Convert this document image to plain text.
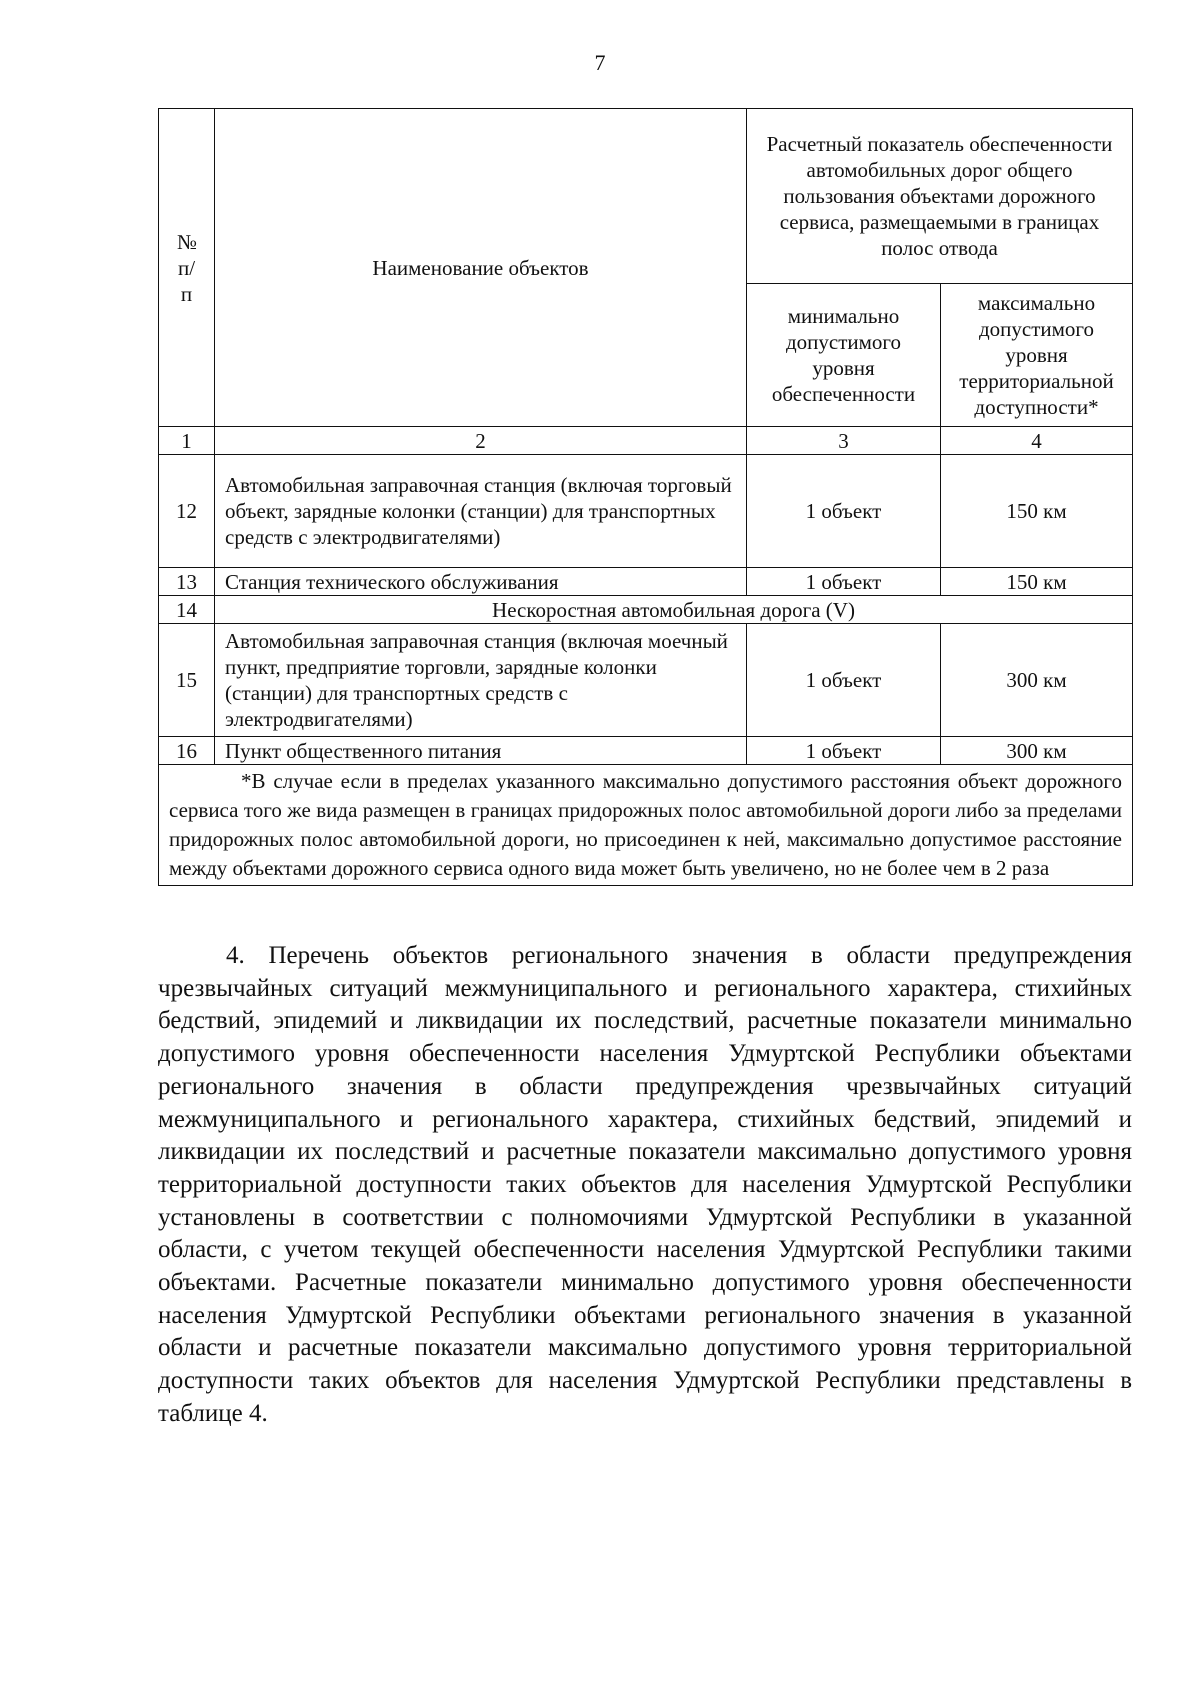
7
№ п/п	Наименование объектов	Расчетный показатель обеспеченности автомобильных дорог общего пользования объектами дорожного сервиса, размещаемыми в границах полос отвода	
		минимально допустимого уровня обеспеченности	максимально допустимого уровня территориальной доступности*
1	2	3	4
12	Автомобильная заправочная станция (включая торговый объект, зарядные колонки (станции) для транспортных средств с электродвигателями)	1 объект	150 км
13	Станция технического обслуживания	1 объект	150 км
14	Нескоростная автомобильная дорога (V)		
15	Автомобильная заправочная станция (включая моечный пункт, предприятие торговли, зарядные колонки (станции) для транспортных средств с электродвигателями)	1 объект	300 км
16	Пункт общественного питания	1 объект	300 км
*В случае если в пределах указанного максимально допустимого расстояния объект дорожного сервиса того же вида размещен в границах придорожных полос автомобильной дороги либо за пределами придорожных полос автомобильной дороги, но присоединен к ней, максимально допустимое расстояние между объектами дорожного сервиса одного вида может быть увеличено, но не более чем в 2 раза			

4. Перечень объектов регионального значения в области предупреждения чрезвычайных ситуаций межмуниципального и регионального характера, стихийных бедствий, эпидемий и ликвидации их последствий, расчетные показатели минимально допустимого уровня обеспеченности населения Удмуртской Республики объектами регионального значения в области предупреждения чрезвычайных ситуаций межмуниципального и регионального характера, стихийных бедствий, эпидемий и ликвидации их последствий и расчетные показатели максимально допустимого уровня территориальной доступности таких объектов для населения Удмуртской Республики установлены в соответствии с полномочиями Удмуртской Республики в указанной области, с учетом текущей обеспеченности населения Удмуртской Республики такими объектами. Расчетные показатели минимально допустимого уровня обеспеченности населения Удмуртской Республики объектами регионального значения в указанной области и расчетные показатели максимально допустимого уровня территориальной доступности таких объектов для населения Удмуртской Республики представлены в таблице 4.
